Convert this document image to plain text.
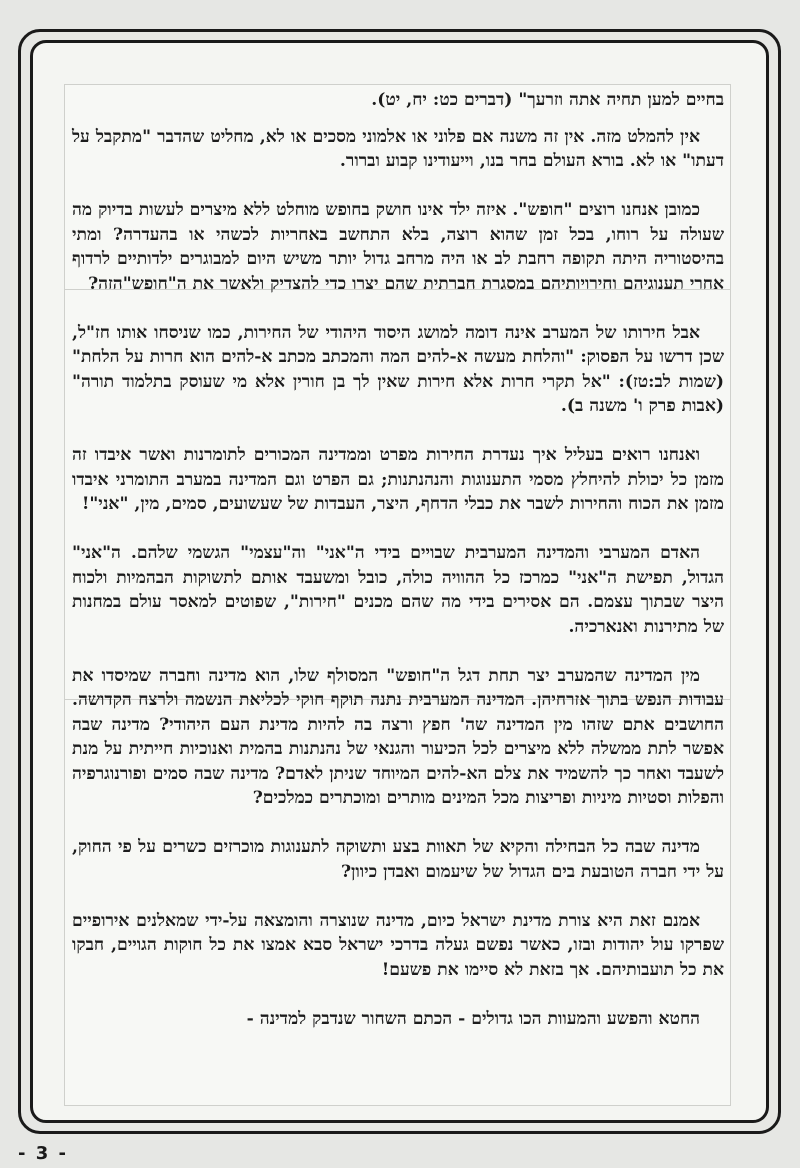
בחיים למען תחיה אתה וזרעך" (דברים כט: יח, יט).

אין להמלט מזה. אין זה משנה אם פלוני או אלמוני מסכים או לא, מחליט שהדבר "מתקבל על דעתו" או לא. בורא העולם בחר בנו, וייעודינו קבוע וברור.

כמובן אנחנו רוצים "חופש". איזה ילד אינו חושק בחופש מוחלט ללא מיצרים לעשות בדיוק מה שעולה על רוחו, בכל זמן שהוא רוצה, בלא התחשב באחריות לכשהי או בהעדרה? ומתי בהיסטוריה היתה תקופה רחבת לב או היה מרחב גדול יותר משיש היום למבוגרים ילדותיים לרדוף אחרי תענוגיהם וחירויותיהם במסגרת חברתית שהם יצרו כדי להצדיק ולאשר את ה"חופש"הזה?

אבל חירותו של המערב אינה דומה למושג היסוד היהודי של החירות, כמו שניסחו אותו חז"ל, שכן דרשו על הפסוק: "והלחת מעשה א-להים המה והמכתב מכתב א-להים הוא חרות על הלחת" (שמות לב:טז): "אל תקרי חרות אלא חירות שאין לך בן חורין אלא מי שעוסק בתלמוד תורה" (אבות פרק ו' משנה ב).

ואנחנו רואים בעליל איך נעדרת החירות מפרט וממדינה המכורים לתומרנות ואשר איבדו זה מזמן כל יכולת להיחלץ מסמי התענוגות והנהנתנות; גם הפרט וגם המדינה במערב התומרני איבדו מזמן את הכוח והחירות לשבר את כבלי הדחף, היצר, העבדות של שעשועים, סמים, מין, "אני"!

האדם המערבי והמדינה המערבית שבויים בידי ה"אני" וה"עצמי" הגשמי שלהם. ה"אני" הגדול, תפישת ה"אני" כמרכז כל ההוויה כולה, כובל ומשעבד אותם לתשוקות הבהמיות ולכוח היצר שבתוך עצמם. הם אסירים בידי מה שהם מכנים "חירות", שפוטים למאסר עולם במחנות של מתירנות ואנארכיה.

מין המדינה שהמערב יצר תחת דגל ה"חופש" המסולף שלו, הוא מדינה וחברה שמיסדו את עבודות הנפש בתוך אזרחיהן. המדינה המערבית נתנה תוקף חוקי לכליאת הנשמה ולרצח הקדושה. החושבים אתם שזהו מין המדינה שה' חפץ ורצה בה להיות מדינת העם היהודי? מדינה שבה אפשר לתת ממשלה ללא מיצרים לכל הכיעור והגנאי של נהנתנות בהמית ואנוכיות חייתית על מנת לשעבד ואחר כך להשמיד את צלם הא-להים המיוחד שניתן לאדם? מדינה שבה סמים ופורנוגרפיה והפלות וסטיות מיניות ופריצות מכל המינים מותרים ומוכתרים כמלכים?

מדינה שבה כל הבחילה והקיא של תאוות בצע ותשוקה לתענוגות מוכרזים כשרים על פי החוק, על ידי חברה הטובעת בים הגדול של שיעמום ואבדן כיוון?

אמנם זאת היא צורת מדינת ישראל כיום, מדינה שנוצרה והומצאה על-ידי שמאלנים אירופיים שפרקו עול יהודות ובזו, כאשר נפשם געלה בדרכי ישראל סבא אמצו את כל חוקות הגויים, חבקו את כל תועבותיהם. אך בזאת לא סיימו את פשעם!

החטא והפשע והמעוות הכו גדולים - הכתם השחור שנדבק למדינה -

- 3 -
